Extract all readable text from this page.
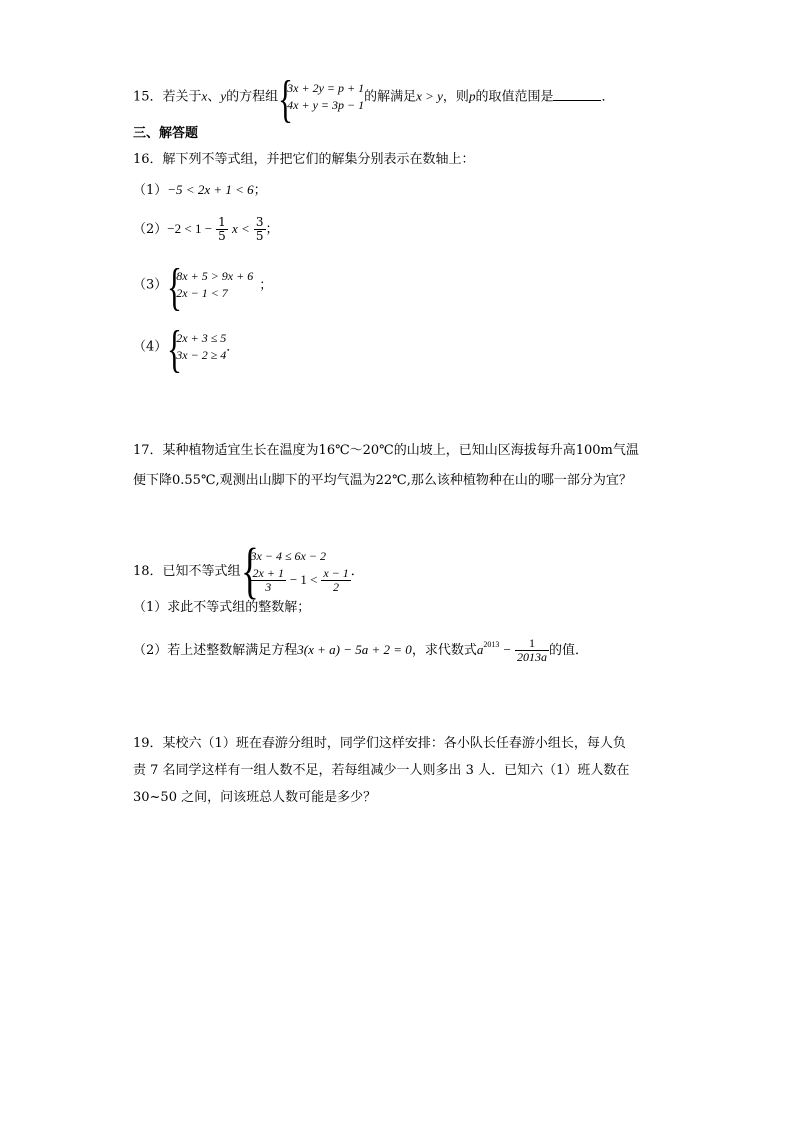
15．若关于x、y的方程组 {
3x + 2y = p + 1
4x + y = 3p − 1
的解满足x > y，则p的取值范围是	．
三、解答题
16．解下列不等式组，并把它们的解集分别表示在数轴上：
（1）−5 < 2x + 1 < 6；
$(2)-2 < 1 - \frac{1}{5}$ $x < \frac{3}{5}$ ；
（3） {
8x + 5 > 9x + 6
2x − 1 < 7
；
（4） {
2x + 3 ≤ 5
3x − 2 ≥ 4
．
17．某种植物适宜生长在温度为16℃～20℃的山坡上，已知山区海拔每升高100m气温
便下降0.55℃,观测出山脚下的平均气温为22℃,那么该种植物种在山的哪一部分为宜？
18．已知不等式组 {
3x − 4 ≤ 6x − 2
$\frac{2x + 1}{3} - 1 < \frac{x - 1}{2}$ ．
（1）求此不等式组的整数解；
（2）若上述整数解满足方程3(x + a) − 5a + 2 = 0，求代数式$a^{2013} - \frac{1}{2013a}$ 的值．
19．某校六（1）班在春游分组时，同学们这样安排：各小队长任春游小组长，每人负
责 7 名同学这样有一组人数不足，若每组减少一人则多出 3 人．已知六（1）班人数在
30~50 之间，问该班总人数可能是多少？
